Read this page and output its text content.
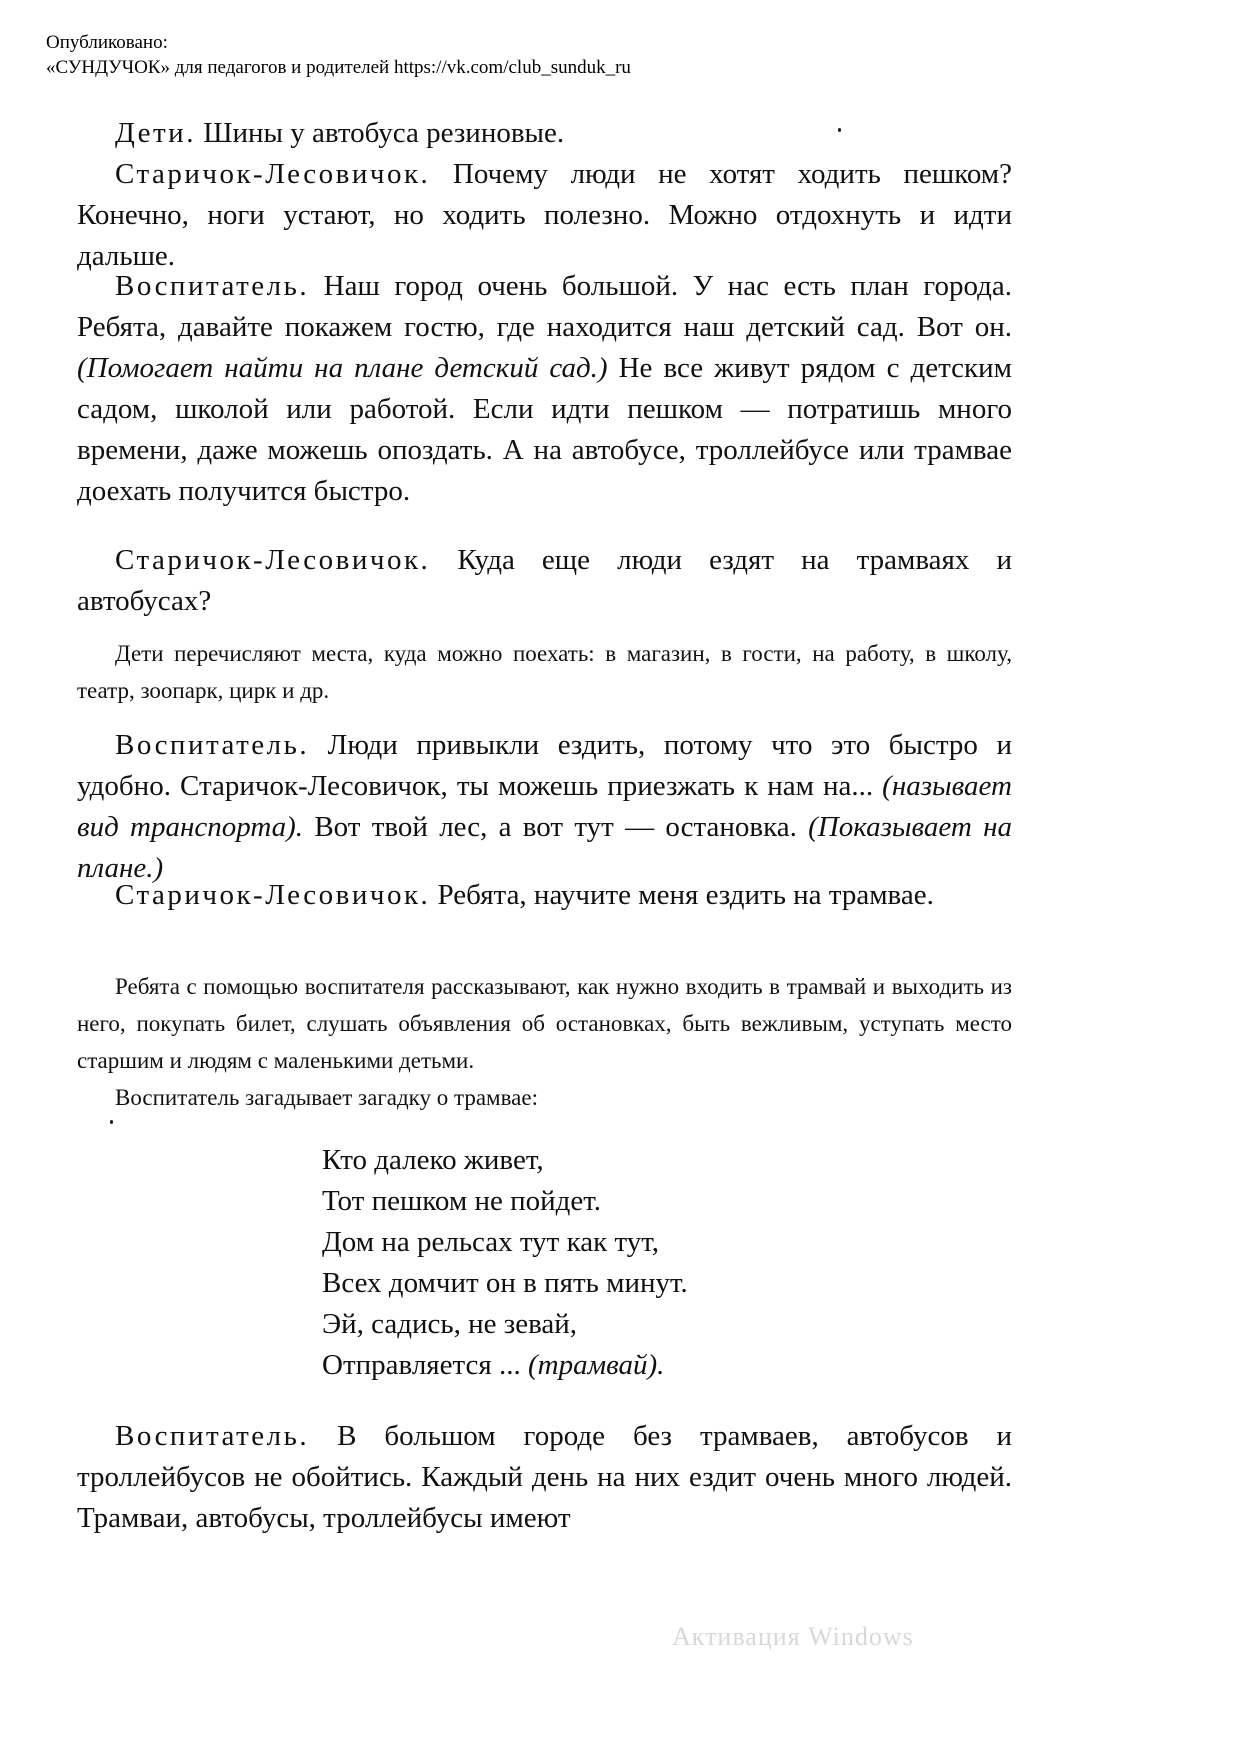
Опубликовано:
«СУНДУЧОК» для педагогов и родителей https://vk.com/club_sunduk_ru
Дети. Шины у автобуса резиновые.
Старичок-Лесовичок. Почему люди не хотят ходить пешком? Конечно, ноги устают, но ходить полезно. Можно отдохнуть и идти дальше.
Воспитатель. Наш город очень большой. У нас есть план города. Ребята, давайте покажем гостю, где находится наш детский сад. Вот он. (Помогает найти на плане детский сад.) Не все живут рядом с детским садом, школой или работой. Если идти пешком — потратишь много времени, даже можешь опоздать. А на автобусе, троллейбусе или трамвае доехать получится быстро.
Старичок-Лесовичок. Куда еще люди ездят на трамваях и автобусах?
Дети перечисляют места, куда можно поехать: в магазин, в гости, на работу, в школу, театр, зоопарк, цирк и др.
Воспитатель. Люди привыкли ездить, потому что это быстро и удобно. Старичок-Лесовичок, ты можешь приезжать к нам на... (называет вид транспорта). Вот твой лес, а вот тут — остановка. (Показывает на плане.)
Старичок-Лесовичок. Ребята, научите меня ездить на трамвае.
Ребята с помощью воспитателя рассказывают, как нужно входить в трамвай и выходить из него, покупать билет, слушать объявления об остановках, быть вежливым, уступать место старшим и людям с маленькими детьми.
Воспитатель загадывает загадку о трамвае:
Кто далеко живет,
Тот пешком не пойдет.
Дом на рельсах тут как тут,
Всех домчит он в пять минут.
Эй, садись, не зевай,
Отправляется ... (трамвай).
Воспитатель. В большом городе без трамваев, автобусов и троллейбусов не обойтись. Каждый день на них ездит очень много людей. Трамваи, автобусы, троллейбусы имеют
Активация Windows
